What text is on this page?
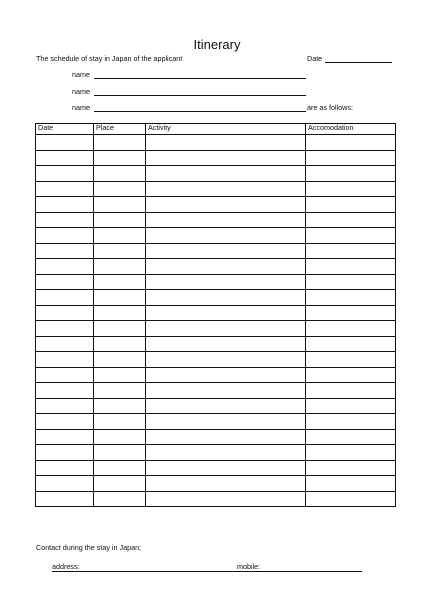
Itinerary
The schedule of stay in Japan of the applicant	Date
name
name
name	are as follows:
Date	Place	Activity	Accomodation

Contact during the stay in Japan;
address:	mobile:
